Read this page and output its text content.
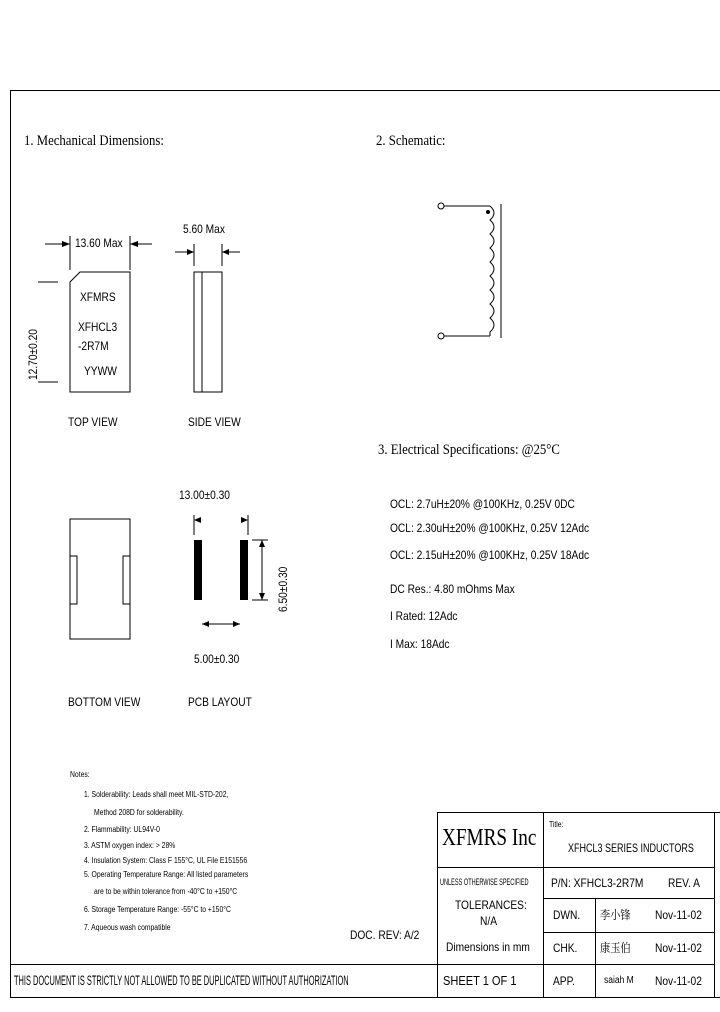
1. Mechanical Dimensions:	2. Schematic:
3. Electrical Specifications: @25°C
13.60 Max
12.70±0.20
5.60 Max
XFMRS
XFHCL3
-2R7M
YYWW
TOP VIEW	SIDE VIEW
13.00±0.30
6.50±0.30
5.00±0.30
BOTTOM VIEW	PCB LAYOUT
OCL: 2.7uH±20% @100KHz, 0.25V 0DC
OCL: 2.30uH±20% @100KHz, 0.25V 12Adc
OCL: 2.15uH±20% @100KHz, 0.25V 18Adc
DC Res.: 4.80 mOhms Max
I Rated: 12Adc
I Max: 18Adc
Notes:
1. Solderability: Leads shall meet MIL-STD-202,
Method 208D for solderability.
2. Flammability: UL94V-0
3. ASTM oxygen index: > 28%
4. Insulation System: Class F 155°C, UL File E151556
5. Operating Temperature Range: All listed parameters
are to be within tolerance from -40°C to +150°C
6. Storage Temperature Range: -55°C to +150°C
7. Aqueous wash compatible
DOC. REV: A/2
XFMRS Inc
Title:
XFHCL3 SERIES INDUCTORS
UNLESS OTHERWISE SPECIFIED
TOLERANCES:
N/A
Dimensions in mm
P/N: XFHCL3-2R7M REV. A
DWN. 李小锋 Nov-11-02
CHK. 康玉伯 Nov-11-02
APP.	saiah M Nov-11-02
SHEET 1 OF 1
THIS DOCUMENT IS STRICTLY NOT ALLOWED TO BE DUPLICATED WITHOUT AUTHORIZATION
